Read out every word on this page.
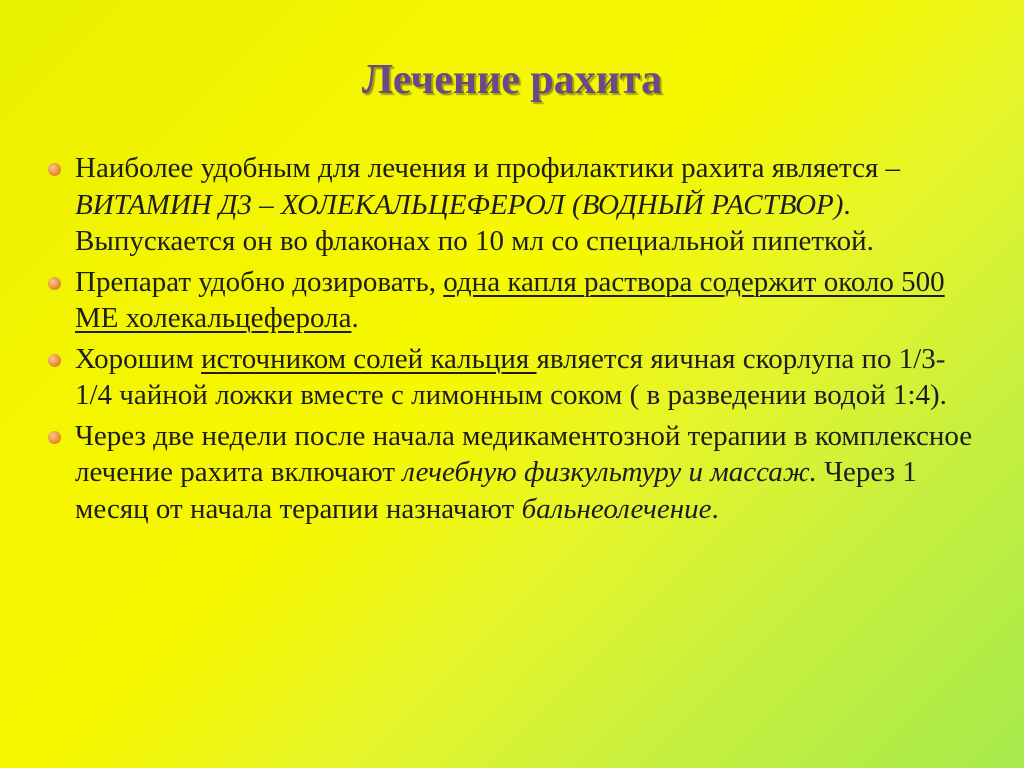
Лечение рахита
Наиболее удобным для лечения и профилактики рахита является – ВИТАМИН Д3 – ХОЛЕКАЛЬЦЕФЕРОЛ (ВОДНЫЙ РАСТВОР). Выпускается он во флаконах по 10 мл со специальной пипеткой.
Препарат удобно дозировать, одна капля раствора содержит около 500 МЕ холекальцеферола.
Хорошим источником солей кальция является яичная скорлупа по 1/3-1/4 чайной ложки вместе с лимонным соком ( в разведении водой 1:4).
Через две недели после начала медикаментозной терапии в комплексное лечение рахита включают лечебную физкультуру и массаж. Через 1 месяц от начала терапии назначают бальнеолечение.
